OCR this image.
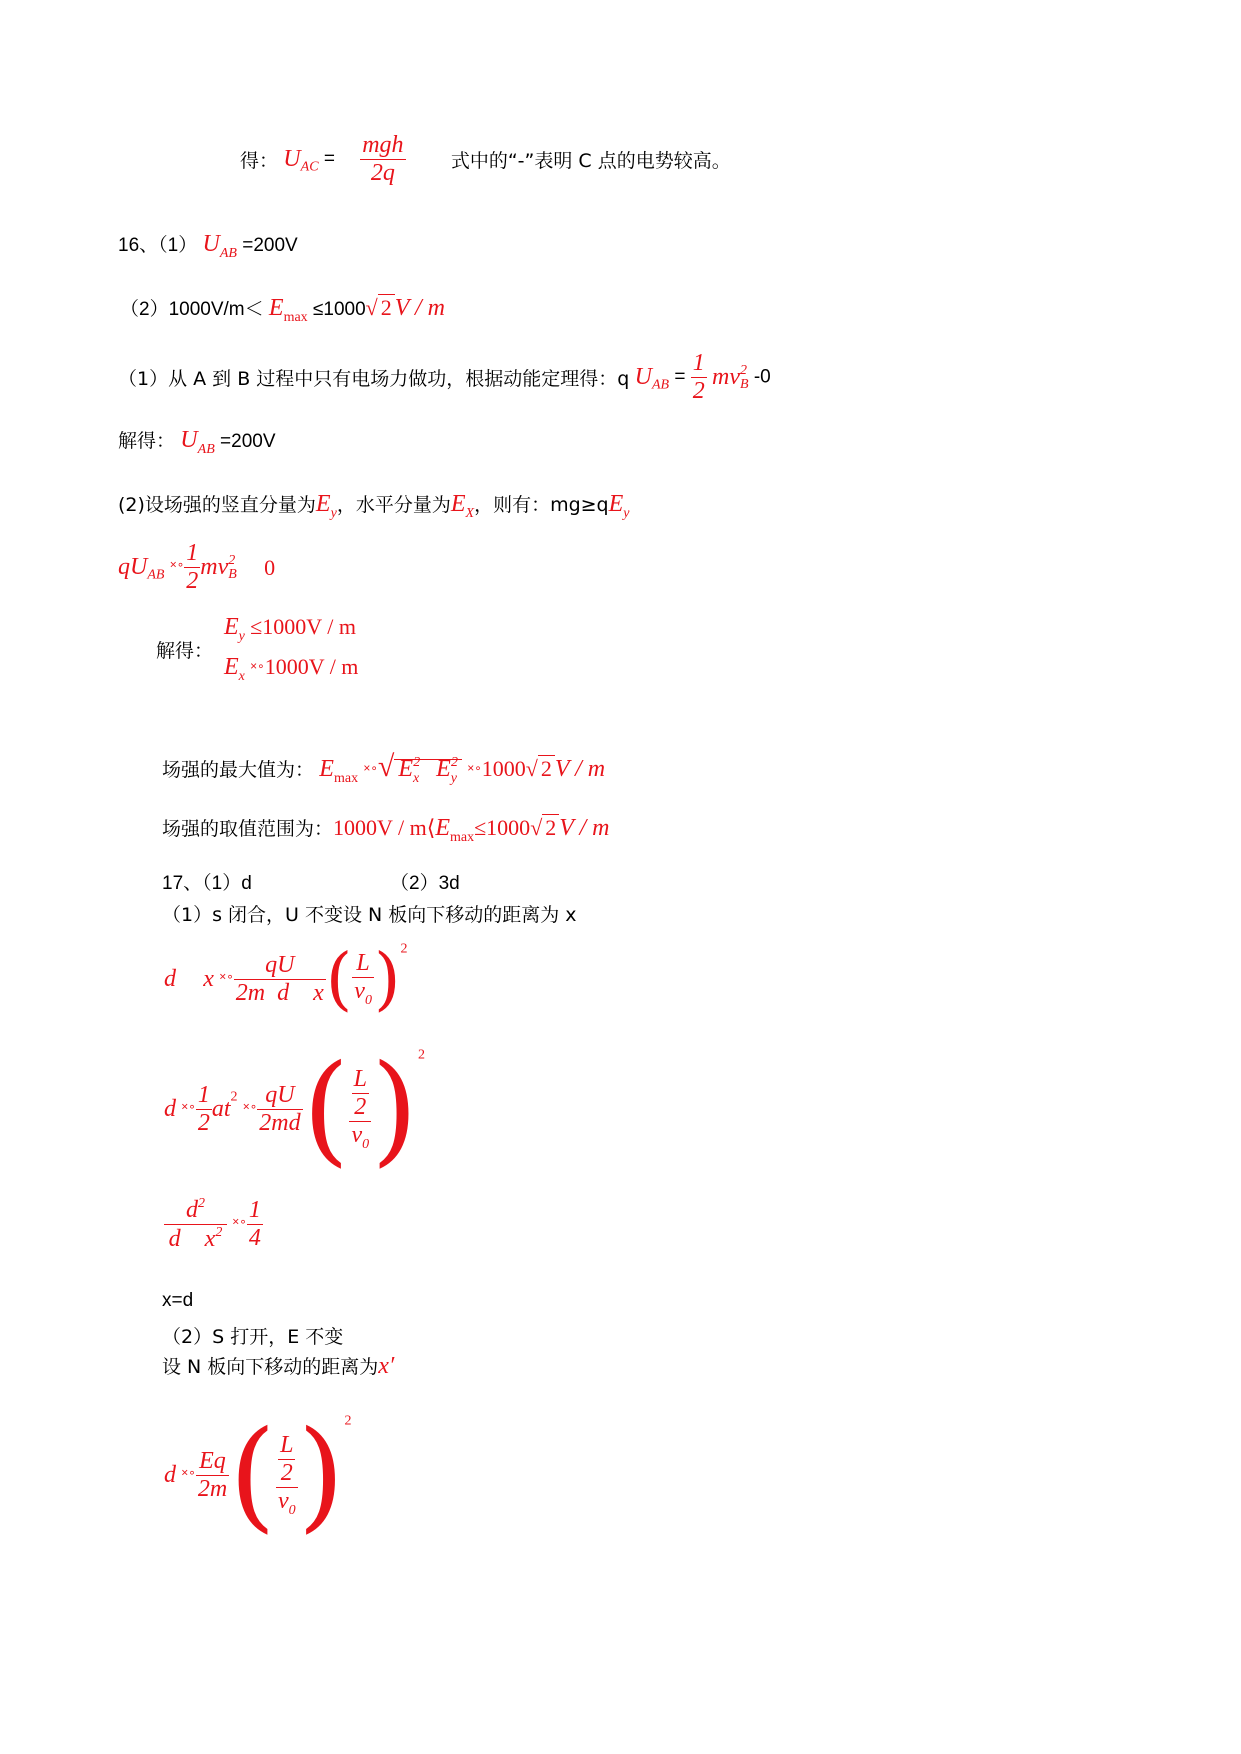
得： $U_{AC} = \frac{\text{mgh}}{2q}$ 式中的“-”表明 C 点的电势较高。
16、（1） $U_{AB} =200V$
$(2)1000V/m< E_{max} \le 1000√$ 2 V / m
（1）从 A 到 B 过程中只有电场力做功，根据动能定理得：q $U_{AB} = \frac{1}{2}$ mv 2
B -0
解得： $U_{AB} =200V$
(2)设场强的竖直分量为$E_y$，水平分量为$E_X$，则有：$mg\ge qE_y$
$qU_{AB}$ $^{\times\circ} \frac{1}{2}$ mv 2
B 0
解得：
$E_y \le 1000V / m$
$E_x$ ×∘1000V / m
场强的最大值为： $E_{max}$ ×∘√ $E_x^2$ $E_y^2$ ×∘1000√ 2 V / m
场强的取值范围为：$1000V / m⟨E_{max}\le 1000√$ 2 V / m
17、（1）d	（2）3d
（1）s 闭合，U 不变设 N 板向下移动的距离为 x
d x $^{\times\circ} \frac{qU}{\text{2m d x}}$ ( $\frac{L}{v_0} )^2$
d $^{\times\circ} \frac{1}{2} at^2$ $^{\times\circ} \frac{qU}{2md}$ ( $\frac{\frac{L}{2}}{v_0} )^2$
$\frac{d^2}{d x^2} ^{\times\circ} \frac{1}{4}$
x=d
（2）S 打开，E 不变
设 N 板向下移动的距离为x′
d $^{\times\circ} \frac{Eq}{2m}$ ( $\frac{\frac{L}{2}}{v_0} )^2$
